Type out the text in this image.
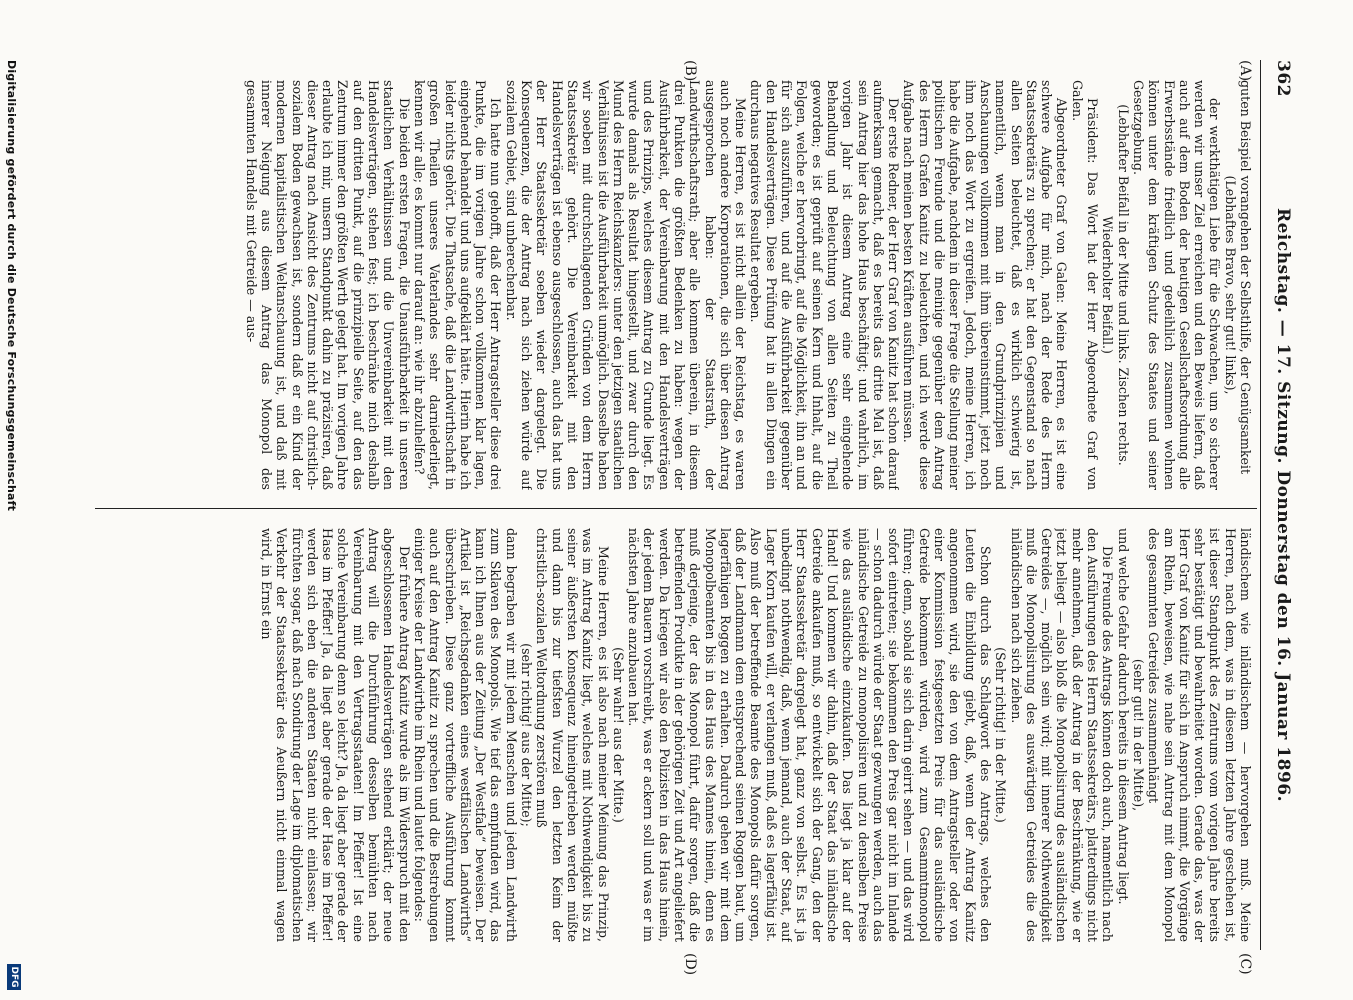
362
Reichstag. — 17. Sitzung. Donnerstag den 16. Januar 1896.
(A)
(B)
(C)
(D)

guten Beispiel vorangehen der Selbsthilfe, der Genügsamkeit

(Lebhaftes Bravo, sehr gut! links),

der werkthätigen Liebe für die Schwachen, um so sicherer werden wir unser Ziel erreichen und den Beweis liefern, daß auch auf dem Boden der heutigen Gesellschaftsordnung alle Erwerbsstände friedlich und gedeihlich zusammen wohnen können unter dem kräftigen Schutz des Staates und seiner Gesetzgebung.

(Lebhafter Beifall in der Mitte und links. Zischen rechts. Wiederholter Beifall.)

Präsident: Das Wort hat der Herr Abgeordnete Graf von Galen.

Abgeordneter Graf von Galen: Meine Herren, es ist eine schwere Aufgabe für mich, nach der Rede des Herrn Staatssekretärs zu sprechen; er hat den Gegenstand so nach allen Seiten beleuchtet, daß es wirklich schwierig ist, namentlich, wenn man in den Grundprinzipien und Anschauungen vollkommen mit ihm übereinstimmt, jetzt noch ihm noch das Wort zu ergreifen. Jedoch, meine Herren, ich habe die Aufgabe, nachdem in dieser Frage die Stellung meiner politischen Freunde und die meinige gegenüber dem Antrag des Herrn Grafen Kanitz zu beleuchten, und ich werde diese Aufgabe nach meinen besten Kräften ausführen müssen.

Der erste Redner, der Herr Graf von Kanitz hat schon darauf aufmerksam gemacht, daß es bereits das dritte Mal ist, daß sein Antrag hier das hohe Haus beschäftigt; und wahrlich, im vorigen Jahr ist diesem Antrag eine sehr eingehende Behandlung und Beleuchtung von allen Seiten zu Theil geworden; es ist geprüft auf seinen Kern und Inhalt, auf die Folgen, welche er hervorbringt, auf die Möglichkeit, ihn an und für sich auszuführen, und auf die Ausführbarkeit gegenüber den Handelsverträgen. Diese Prüfung hat in allen Dingen ein durchaus negatives Resultat ergeben.

Meine Herren, es ist nicht allein der Reichstag, es waren auch noch andere Korporationen, die sich über diesen Antrag ausgesprochen haben: der Staatsrath, der Landwirthschaftsrath; aber alle kommen überein, in diesem drei Punkten die größten Bedenken zu haben: wegen der Ausführbarkeit, der Vereinbarung mit den Handelsverträgen und des Prinzips, welches diesem Antrag zu Grunde liegt. Es wurde damals als Resultat hingestellt, und zwar durch den Mund des Herrn Reichskanzlers: unter den jetzigen staatlichen Verhältnissen ist die Ausführbarkeit unmöglich. Dasselbe haben wir soeben mit durchschlagenden Gründen von dem Herrn Staatssekretär gehört. Die Vereinbarkeit mit den Handelsverträgen ist ebenso ausgeschlossen, auch das hat uns der Herr Staatssekretär soeben wieder dargelegt. Die Konsequenzen, die der Antrag nach sich ziehen würde auf sozialem Gebiet, sind unberechenbar.

Ich hatte nun gehofft, daß der Herr Antragsteller diese drei Punkte, die im vorigen Jahre schon vollkommen klar lagen, eingehend behandelt und uns aufgeklärt hätte. Hierin habe ich leider nichts gehört. Die Thatsache, daß die Landwirthschaft in großen Theilen unseres Vaterlandes sehr darniederliegt, kennen wir alle; es kommt nur darauf an: wie ihr abzuhelfen?

Die beiden ersten Fragen, die Unausführbarkeit in unseren staatlichen Verhältnissen und die Unvereinbarkeit mit den Handelsverträgen, stehen fest; ich beschränke mich deshalb auf den dritten Punkt, auf die prinzipielle Seite, auf den das Zentrum immer den größten Werth gelegt hat. Im vorigen Jahre erlaubte ich mir, unsern Standpunkt dahin zu präzisiren, daß dieser Antrag nach Ansicht des Zentrums nicht auf christlich-sozialem Boden gewachsen ist, sondern daß er ein Kind der modernen kapitalistischen Weltanschauung ist, und daß mit innerer Neigung aus diesem Antrag das Monopol des gesammten Handels mit Getreide — aus-

ländischem wie inländischem — hervorgehen muß. Meine Herren, nach dem, was in diesem letzten Jahre geschehen ist, ist dieser Standpunkt des Zentrums vom vorigen Jahre bereits sehr bestätigt und bewahrheitet worden. Gerade das, was der Herr Graf von Kanitz für sich in Anspruch nimmt, die Vorgänge am Rhein, beweisen, wie nahe sein Antrag mit dem Monopol des gesammten Getreides zusammenhängt

(sehr gut! in der Mitte),

und welche Gefahr dadurch bereits in diesem Antrag liegt.

Die Freunde des Antrags können doch auch, namentlich nach den Ausführungen des Herrn Staatssekretärs, platterdings nicht mehr annehmen, daß der Antrag in der Beschränkung, wie er jetzt beliegt — also bloß die Monopolisirung des ausländischen Getreides —, möglich sein wird; mit innerer Nothwendigkeit muß die Monopolisirung des auswärtigen Getreides die des inländischen nach sich ziehen.

(Sehr richtig! in der Mitte.)

Schon durch das Schlagwort des Antrags, welches den Leuten die Einbildung giebt, daß, wenn der Antrag Kanitz angenommen wird, sie den von dem Antragsteller oder von einer Kommission festgesetzten Preis für das ausländische Getreide bekommen würden, wird zum Gesammtmonopol führen; denn, sobald sie sich darin geirrt sehen — und das wird sofort eintreten; sie bekommen den Preis gar nicht im Inlande — schon dadurch würde der Staat gezwungen werden, auch das inländische Getreide zu monopolisiren und zu denselben Preise wie das ausländische einzukaufen. Das liegt ja klar auf der Hand! Und kommen wir dahin, daß der Staat das inländische Getreide ankaufen muß, so entwickelt sich der Gang, den der Herr Staatssekretär dargelegt hat, ganz von selbst. Es ist ja unbedingt nothwendig, daß, wenn jemand, auch der Staat, auf Lager Korn kaufen will, er verlangen muß, daß es lagerfähig ist. Also muß der betreffende Beamte des Monopols dafür sorgen, daß der Landmann dem entsprechend seinen Roggen baut, um lagerfähigen Roggen zu erhalten. Dadurch gehen wir mit dem Monopolbeamten bis in das Haus des Mannes hinein, denn es muß derjenige, der das Monopol führt, dafür sorgen, daß die betreffenden Produkte in der gehörigen Zeit und Art angeliefert werden. Da kriegen wir also den Polizisten in das Haus hinein, der jedem Bauern vorschreibt, was er ackern soll und was er im nächsten Jahre anzubauen hat.

(Sehr wahr! aus der Mitte.)

Meine Herren, es ist also nach meiner Meinung das Prinzip, was im Antrag Kanitz liegt, welches mit Nothwendigkeit bis zu seiner äußersten Konsequenz hineingetrieben werden müßte und dann bis zur tiefsten Wurzel den letzten Keim der christlich-sozialen Weltordnung zerstören muß

(sehr richtig! aus der Mitte);

dann begraben wir mit jedem Menschen und jedem Landwirth zum Sklaven des Monopols. Wie tief das empfunden wird, das kann ich Ihnen aus der Zeitung „Der Westfale“ beweisen. Der Artikel ist „Reichsgedanken eines westfälischen Landwirths“ überschrieben. Diese ganz vortreffliche Ausführung kommt auch auf den Antrag Kanitz zu sprechen und die Bestrebungen einiger Kreise der Landwirthe im Rhein und lautet folgendes:

Der frühere Antrag Kanitz wurde als im Widerspruch mit den abgeschlossenen Handelsverträgen stehend erklärt; der neue Antrag will die Durchführung desselben bemühten nach Vereinbarung mit den Vertragsstaaten! Im Pfeffer! Ist eine solche Vereinbarung denn so leicht? Ja, da liegt aber gerade der Hase im Pfeffer! Ja, da liegt aber gerade der Hase im Pfeffer! werden sich eben die anderen Staaten nicht einlassen; wir fürchten sogar, daß nach Sondirung der Lage im diplomatischen Verkehr der Staatssekretär des Aeußern nicht einmal wagen wird, in Ernst ein

Digitalisierung gefördert durch die Deutsche Forschungsgemeinschaft
DFG
